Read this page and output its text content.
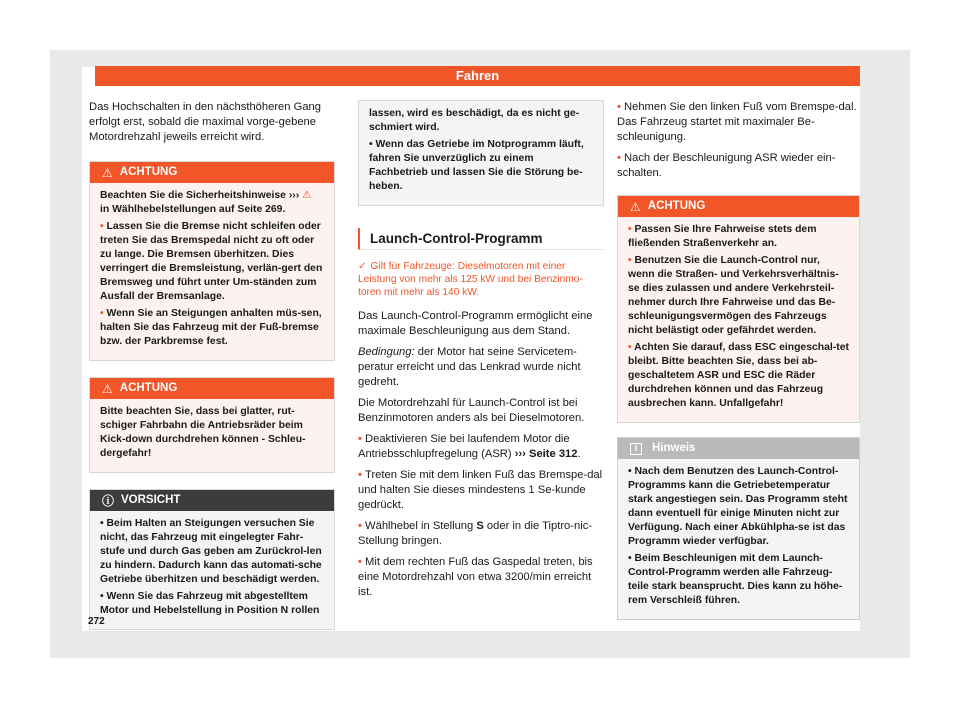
Fahren

Das Hochschalten in den nächsthöheren Gang erfolgt erst, sobald die maximal vorge-gebene Motordrehzahl jeweils erreicht wird.

⚠ ACHTUNG

Beachten Sie die Sicherheitshinweise ››› ⚠
in Wählhebelstellungen auf Seite 269.

• Lassen Sie die Bremse nicht schleifen oder treten Sie das Bremspedal nicht zu oft oder zu lange. Die Bremsen überhitzen. Dies verringert die Bremsleistung, verlän-gert den Bremsweg und führt unter Um-ständen zum Ausfall der Bremsanlage.

• Wenn Sie an Steigungen anhalten müs-sen, halten Sie das Fahrzeug mit der Fuß-bremse bzw. der Parkbremse fest.

⚠ ACHTUNG

Bitte beachten Sie, dass bei glatter, rut-schiger Fahrbahn die Antriebsräder beim Kick-down durchdrehen können - Schleu-dergefahr!

ⓘ VORSICHT

• Beim Halten an Steigungen versuchen Sie nicht, das Fahrzeug mit eingelegter Fahr-stufe und durch Gas geben am Zurückrol-len zu hindern. Dadurch kann das automati-sche Getriebe überhitzen und beschädigt werden.

• Wenn Sie das Fahrzeug mit abgestelltem Motor und Hebelstellung in Position N rollen

lassen, wird es beschädigt, da es nicht ge-schmiert wird.

• Wenn das Getriebe im Notprogramm läuft, fahren Sie unverzüglich zu einem Fachbetrieb und lassen Sie die Störung be-heben.

Launch-Control-Programm

✓ Gilt für Fahrzeuge: Dieselmotoren mit einer Leistung von mehr als 125 kW und bei Benzinmo-toren mit mehr als 140 kW.

Das Launch-Control-Programm ermöglicht eine maximale Beschleunigung aus dem Stand.

Bedingung: der Motor hat seine Servicetem-peratur erreicht und das Lenkrad wurde nicht gedreht.

Die Motordrehzahl für Launch-Control ist bei Benzinmotoren anders als bei Dieselmotoren.

• Deaktivieren Sie bei laufendem Motor die Antriebsschlupfregelung (ASR) ››› Seite 312.

• Treten Sie mit dem linken Fuß das Bremspe-dal und halten Sie dieses mindestens 1 Se-kunde gedrückt.

• Wählhebel in Stellung S oder in die Tiptro-nic-Stellung bringen.

• Mit dem rechten Fuß das Gaspedal treten, bis eine Motordrehzahl von etwa 3200/min erreicht ist.

• Nehmen Sie den linken Fuß vom Bremspe-dal. Das Fahrzeug startet mit maximaler Be-schleunigung.

• Nach der Beschleunigung ASR wieder ein-schalten.

⚠ ACHTUNG

• Passen Sie Ihre Fahrweise stets dem fließenden Straßenverkehr an.

• Benutzen Sie die Launch-Control nur, wenn die Straßen- und Verkehrsverhältnis-se dies zulassen und andere Verkehrsteil-nehmer durch Ihre Fahrweise und das Be-schleunigungsvermögen des Fahrzeugs nicht belästigt oder gefährdet werden.

• Achten Sie darauf, dass ESC eingeschal-tet bleibt. Bitte beachten Sie, dass bei ab-geschaltetem ASR und ESC die Räder durchdrehen können und das Fahrzeug ausbrechen kann. Unfallgefahr!

i	Hinweis

• Nach dem Benutzen des Launch-Control-Programms kann die Getriebetemperatur stark angestiegen sein. Das Programm steht dann eventuell für einige Minuten nicht zur Verfügung. Nach einer Abkühlpha-se ist das Programm wieder verfügbar.

• Beim Beschleunigen mit dem Launch-Control-Programm werden alle Fahrzeug-teile stark beansprucht. Dies kann zu höhe-rem Verschleiß führen.

272
